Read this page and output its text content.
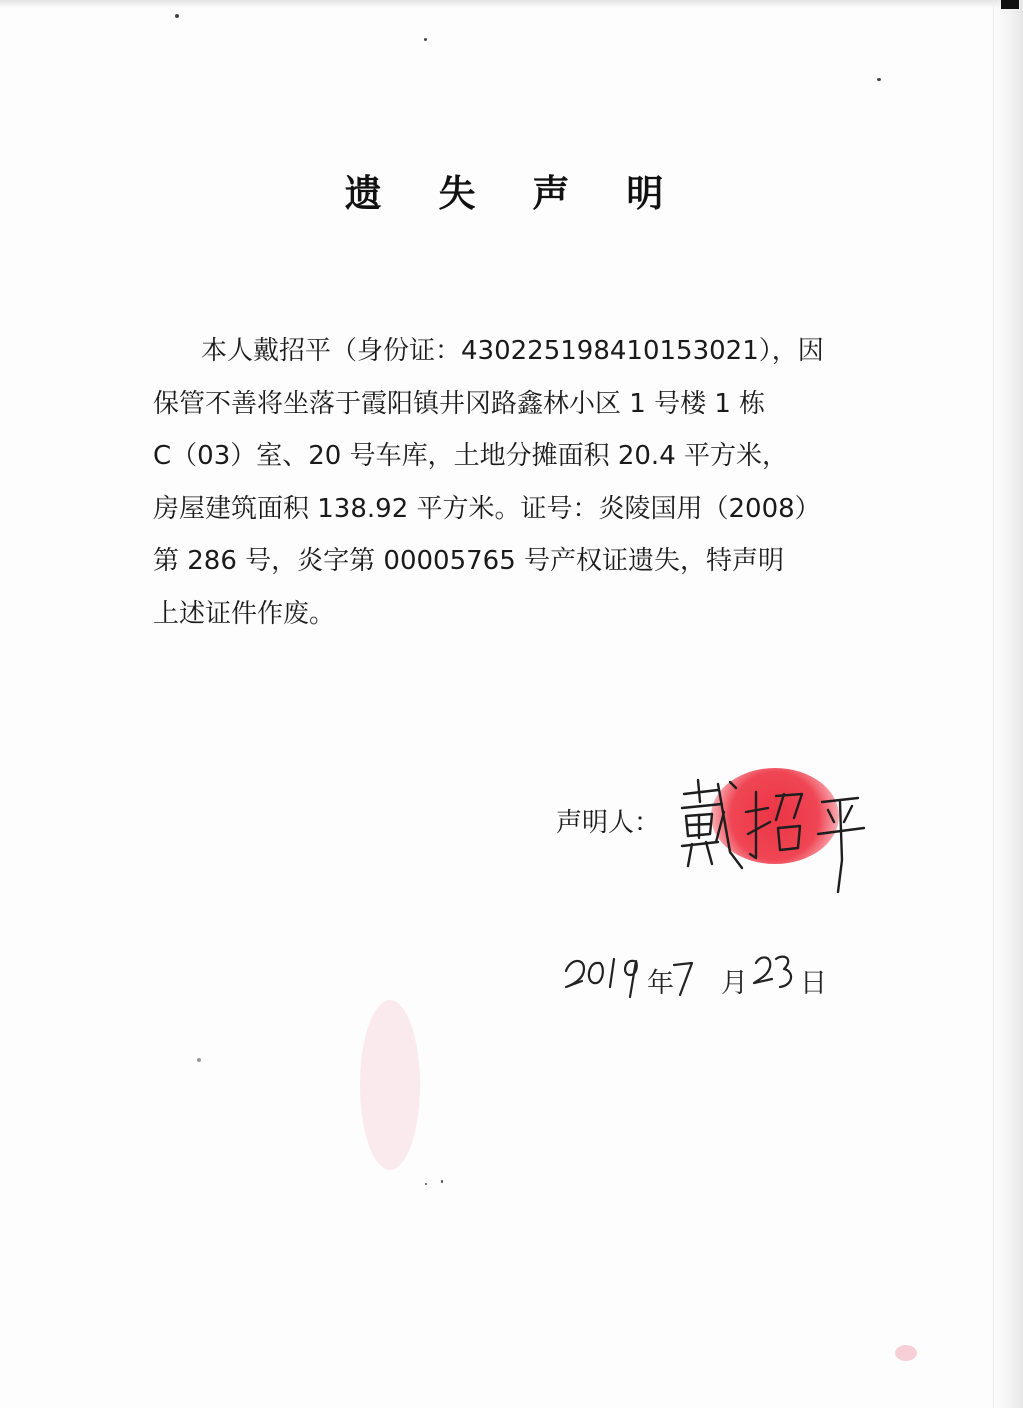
遗 失 声 明
本人戴招平（身份证：430225198410153021），因
保管不善将坐落于霞阳镇井冈路鑫林小区 1 号楼 1 栋
C（03）室、20 号车库，土地分摊面积 20.4 平方米，
房屋建筑面积 138.92 平方米。证号：炎陵国用（2008）
第 286 号，炎字第 00005765 号产权证遗失，特声明
上述证件作废。
声明人：
年 月 日
